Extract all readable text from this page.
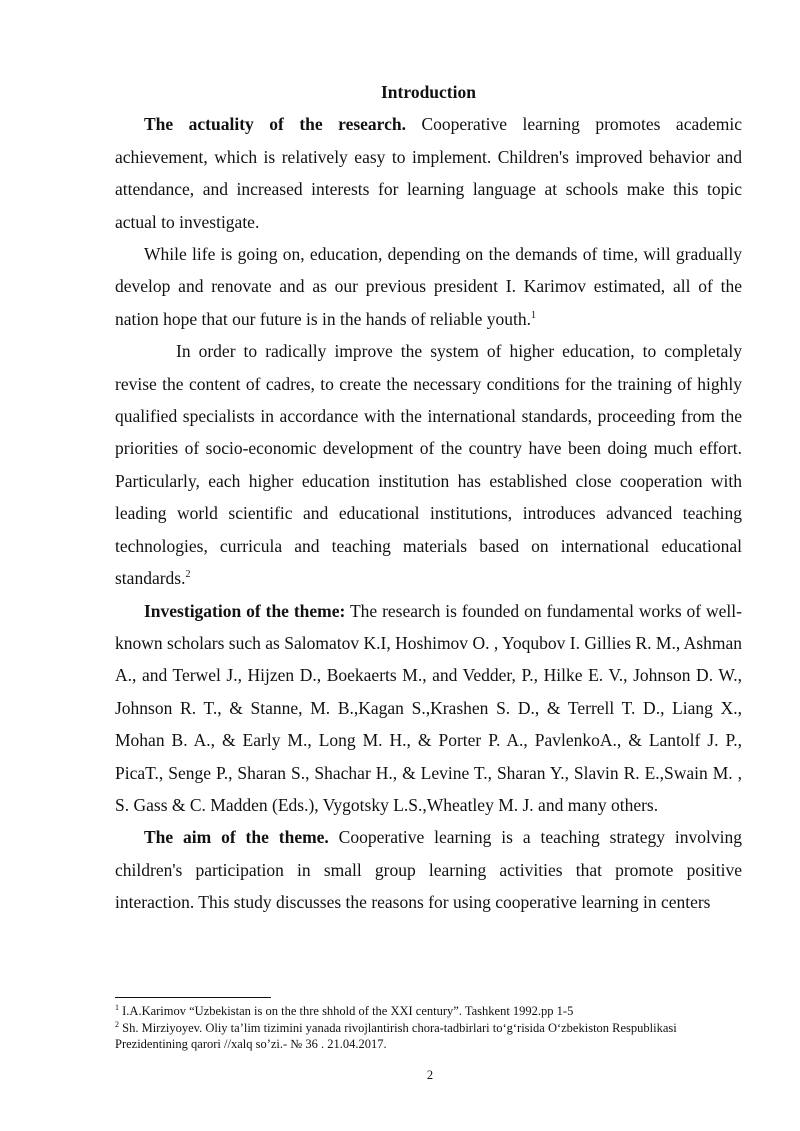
Introduction

The actuality of the research. Cooperative learning promotes academic achievement, which is relatively easy to implement. Children's improved behavior and attendance, and increased interests for learning language at schools make this topic actual to investigate.

While life is going on, education, depending on the demands of time, will gradually develop and renovate and as our previous president I. Karimov estimated, all of the nation hope that our future is in the hands of reliable youth.$^1$

In order to radically improve the system of higher education, to completaly revise the content of cadres, to create the necessary conditions for the training of highly qualified specialists in accordance with the international standards, proceeding from the priorities of socio-economic development of the country have been doing much effort. Particularly, each higher education institution has established close cooperation with leading world scientific and educational institutions, introduces advanced teaching technologies, curricula and teaching materials based on international educational standards.$^2$

Investigation of the theme: The research is founded on fundamental works of well-known scholars such as Salomatov K.I, Hoshimov O. , Yoqubov I. Gillies R. M., Ashman A., and Terwel J., Hijzen D., Boekaerts M., and Vedder, P., Hilke E. V., Johnson D. W., Johnson R. T., & Stanne, M. B.,Kagan S.,Krashen S. D., & Terrell T. D., Liang X., Mohan B. A., & Early M., Long M. H., & Porter P. A., PavlenkoA., & Lantolf J. P., PicaT., Senge P., Sharan S., Shachar H., & Levine T., Sharan Y., Slavin R. E.,Swain M. , S. Gass & C. Madden (Eds.), Vygotsky L.S.,Wheatley M. J. and many others.

The aim of the theme. Cooperative learning is a teaching strategy involving children's participation in small group learning activities that promote positive interaction. This study discusses the reasons for using cooperative learning in centers

$^1$ I.A.Karimov “Uzbekistan is on the thre shhold of the XXI century”. Tashkent 1992.pp 1-5
$^2$ Sh. Mirziyoyev. Oliy ta’lim tizimini yanada rivojlantirish chora-tadbirlari to‘g‘risida O‘zbekiston Respublikasi Prezidentining qarori //xalq so’zi.- № 36 . 21.04.2017.
2
